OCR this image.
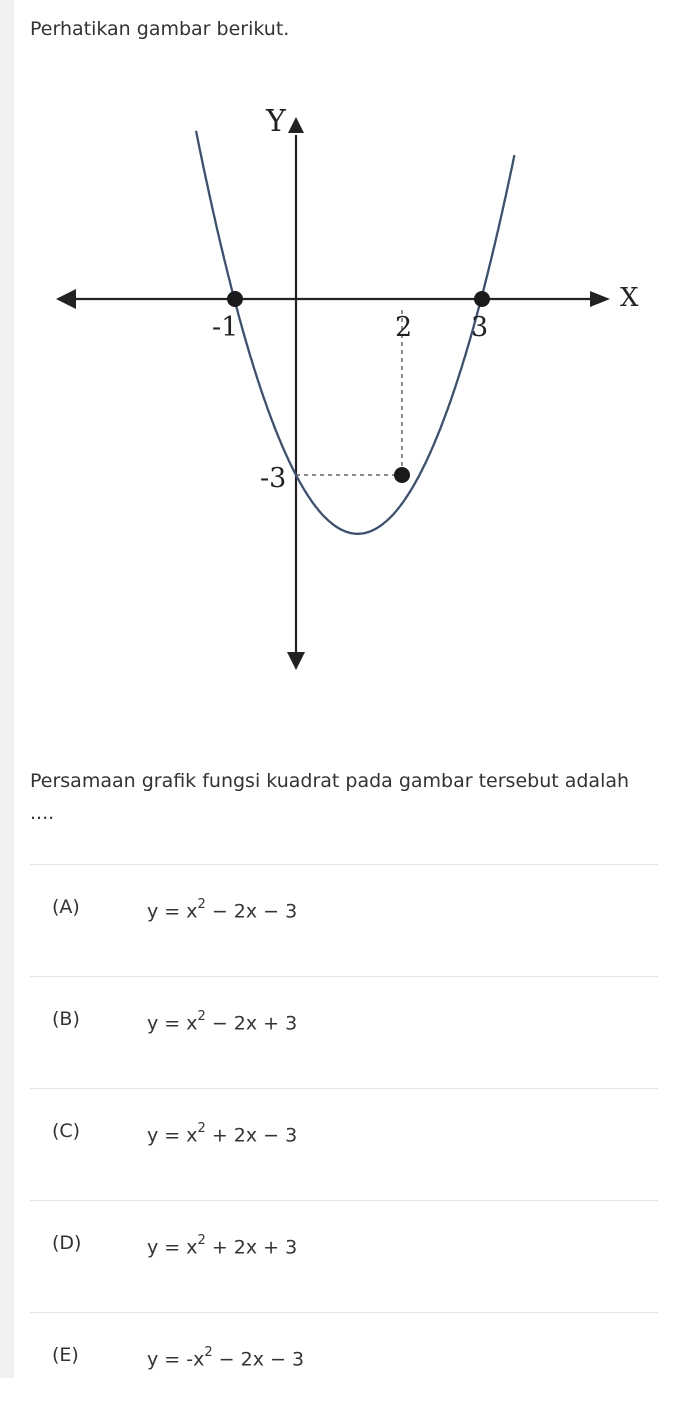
Perhatikan gambar berikut.
Y
X
-1	2 3
-3
Persamaan grafik fungsi kuadrat pada gambar tersebut adalah ....
(A)	$y = x^2 - 2x - 3$
(B)	$y = x^2 - 2x + 3$
(C)	$y = x^2 + 2x - 3$
(D)	$y = x^2 + 2x + 3$
(E)	$y = -x^2 - 2x - 3$
